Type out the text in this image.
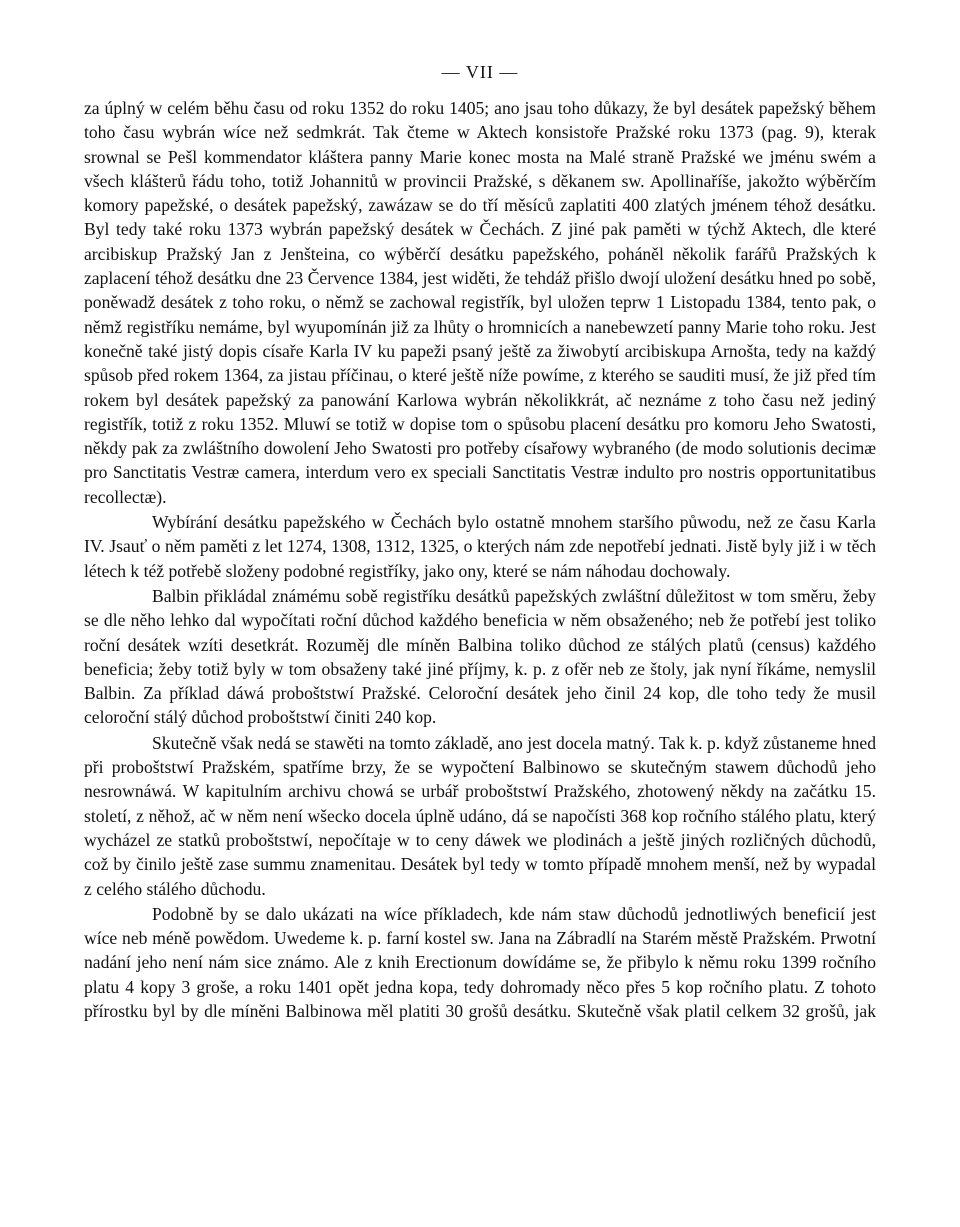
— VII —

za úplný w celém běhu času od roku 1352 do roku 1405; ano jsau toho důkazy, že byl desátek papežský během toho času wybrán wíce než sedmkrát. Tak čteme w Aktech konsistoře Pražské roku 1373 (pag. 9), kterak srownal se Pešl kommendator kláštera panny Marie konec mosta na Malé straně Pražské we jménu swém a všech klášterů řádu toho, totiž Johannitů w provincii Pražské, s děkanem sw. Apollinaříše, jakožto wýběrčím komory papežské, o desátek papežský, zawázaw se do tří měsíců zaplatiti 400 zlatých jménem téhož desátku. Byl tedy také roku 1373 wybrán papežský desátek w Čechách. Z jiné pak paměti w týchž Aktech, dle které arcibiskup Pražský Jan z Jenšteina, co wýběrčí desátku papežského, poháněl několik farářů Pražských k zaplacení téhož desátku dne 23 Července 1384, jest widěti, že tehdáž přišlo dwojí uložení desátku hned po sobě, poněwadž desátek z toho roku, o němž se zachowal registřík, byl uložen teprw 1 Listopadu 1384, tento pak, o němž registříku nemáme, byl wyupomínán již za lhůty o hromnicích a nanebewzetí panny Marie toho roku. Jest konečně také jistý dopis císaře Karla IV ku papeži psaný ještě za žiwobytí arcibiskupa Arnošta, tedy na každý spůsob před rokem 1364, za jistau příčinau, o které ještě níže powíme, z kterého se sauditi musí, že již před tím rokem byl desátek papežský za panowání Karlowa wybrán několikkrát, ač neznáme z toho času než jediný registřík, totiž z roku 1352. Mluwí se totiž w dopise tom o spůsobu placení desátku pro komoru Jeho Swatosti, někdy pak za zwláštního dowolení Jeho Swatosti pro potřeby císařowy wybraného (de modo solutionis decimæ pro Sanctitatis Vestræ camera, interdum vero ex speciali Sanctitatis Vestræ indulto pro nostris opportunitatibus recollectæ).

Wybírání desátku papežského w Čechách bylo ostatně mnohem staršího půwodu, než ze času Karla IV. Jsauť o něm paměti z let 1274, 1308, 1312, 1325, o kterých nám zde nepotřebí jednati. Jistě byly již i w těch létech k též potřebě složeny podobné registříky, jako ony, které se nám náhodau dochowaly.

Balbin přikládal známému sobě registříku desátků papežských zwláštní důležitost w tom směru, žeby se dle něho lehko dal wypočítati roční důchod každého beneficia w něm obsaženého; neb že potřebí jest toliko roční desátek wzíti desetkrát. Rozuměj dle míněn Balbina toliko důchod ze stálých platů (census) každého beneficia; žeby totiž byly w tom obsaženy také jiné příjmy, k. p. z ofěr neb ze štoly, jak nyní říkáme, nemyslil Balbin. Za příklad dáwá proboštstwí Pražské. Celoroční desátek jeho činil 24 kop, dle toho tedy že musil celoroční stálý důchod proboštstwí činiti 240 kop.

Skutečně však nedá se stawěti na tomto základě, ano jest docela matný. Tak k. p. když zůstaneme hned při proboštstwí Pražském, spatříme brzy, že se wypočtení Balbinowo se skutečným stawem důchodů jeho nesrownáwá. W kapitulním archivu chowá se urbář proboštstwí Pražského, zhotowený někdy na začátku 15. století, z něhož, ač w něm není wšecko docela úplně udáno, dá se napočísti 368 kop ročního stálého platu, který wycházel ze statků proboštstwí, nepočítaje w to ceny dáwek we plodinách a ještě jiných rozličných důchodů, což by činilo ještě zase summu znamenitau. Desátek byl tedy w tomto případě mnohem menší, než by wypadal z celého stálého důchodu.

Podobně by se dalo ukázati na wíce příkladech, kde nám staw důchodů jednotliwých beneficií jest wíce neb méně powědom. Uwedeme k. p. farní kostel sw. Jana na Zábradlí na Starém městě Pražském. Prwotní nadání jeho není nám sice známo. Ale z knih Erectionum dowídáme se, že přibylo k němu roku 1399 ročního platu 4 kopy 3 groše, a roku 1401 opět jedna kopa, tedy dohromady něco přes 5 kop ročního platu. Z tohoto přírostku byl by dle míněni Balbinowa měl platiti 30 grošů desátku. Skutečně však platil celkem 32 grošů, jak
